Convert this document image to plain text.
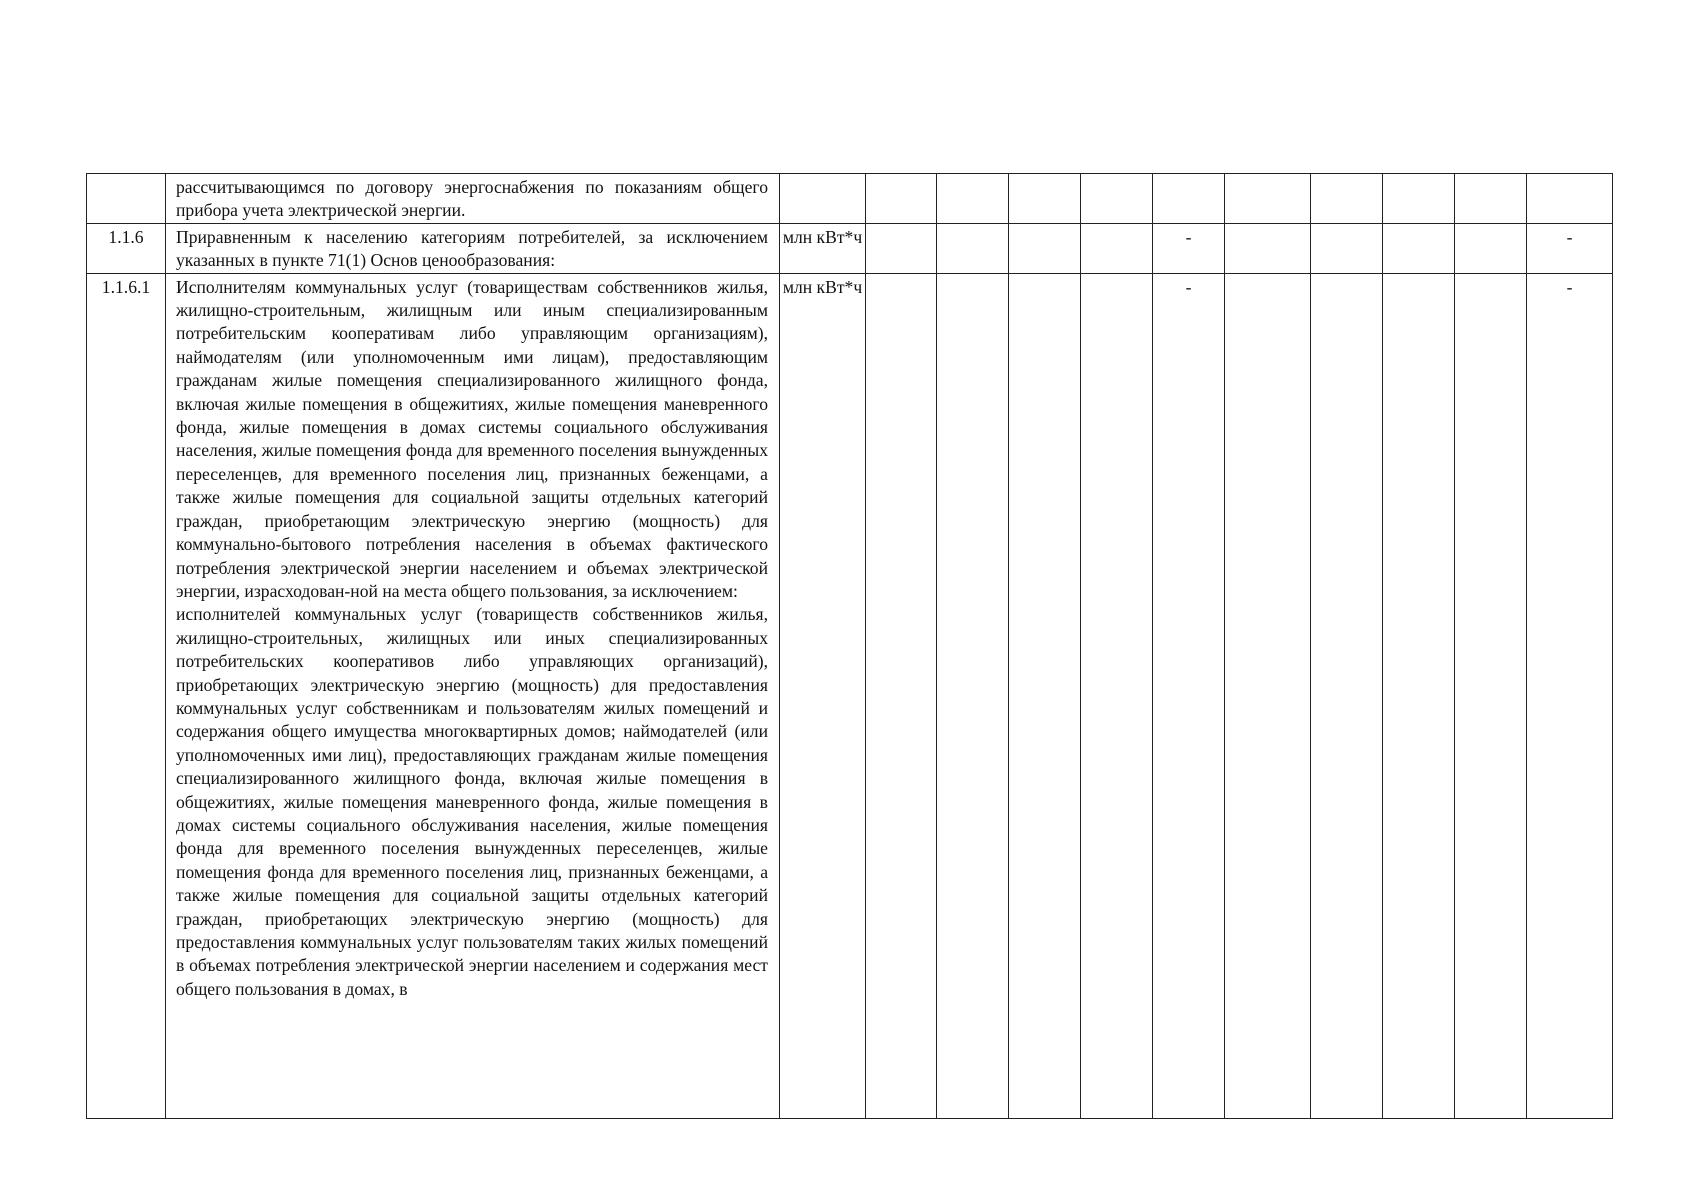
	рассчитывающимся по договору энергоснабжения по показаниям общего прибора учета электрической энергии.												

1.1.6	Приравненным к населению категориям потребителей, за исключением указанных в пункте 71(1) Основ ценообразования:	млн кВт*ч					-					-	
1.1.6.1	Исполнителям коммунальных услуг (товариществам собственников жилья, жилищно-строительным, жилищным или иным специализированным потребительским кооперативам либо управляющим организациям), наймодателям (или уполномоченным ими лицам), предоставляющим гражданам жилые помещения специализированного жилищного фонда, включая жилые помещения в общежитиях, жилые помещения маневренного фонда, жилые помещения в домах системы социального обслуживания населения, жилые помещения фонда для временного поселения вынужденных переселенцев, для временного поселения лиц, признанных беженцами, а также жилые помещения для социальной защиты отдельных категорий граждан, приобретающим электрическую энергию (мощность) для коммунально-бытового потребления населения в объемах фактического потребления электрической энергии населением и объемах электрической энергии, израсходован-ной на места общего пользования, за исключением:

исполнителей коммунальных услуг (товариществ собственников жилья, жилищно-строительных, жилищных или иных специализированных потребительских кооперативов либо управляющих организаций), приобретающих электрическую энергию (мощность) для предоставления коммунальных услуг собственникам и пользователям жилых помещений и содержания общего имущества многоквартирных домов; наймодателей (или уполномоченных ими лиц), предоставляющих гражданам жилые помещения специализированного жилищного фонда, включая жилые помещения в общежитиях, жилые помещения маневренного фонда, жилые помещения в домах системы социального обслуживания населения, жилые помещения фонда для временного поселения вынужденных переселенцев, жилые помещения фонда для временного поселения лиц, признанных беженцами, а также жилые помещения для социальной защиты отдельных категорий граждан, приобретающих электрическую энергию (мощность) для предоставления коммунальных услуг пользователям таких жилых помещений в объемах потребления электрической энергии населением и содержания мест общего пользования в домах, в	млн кВт*ч					-					-	
